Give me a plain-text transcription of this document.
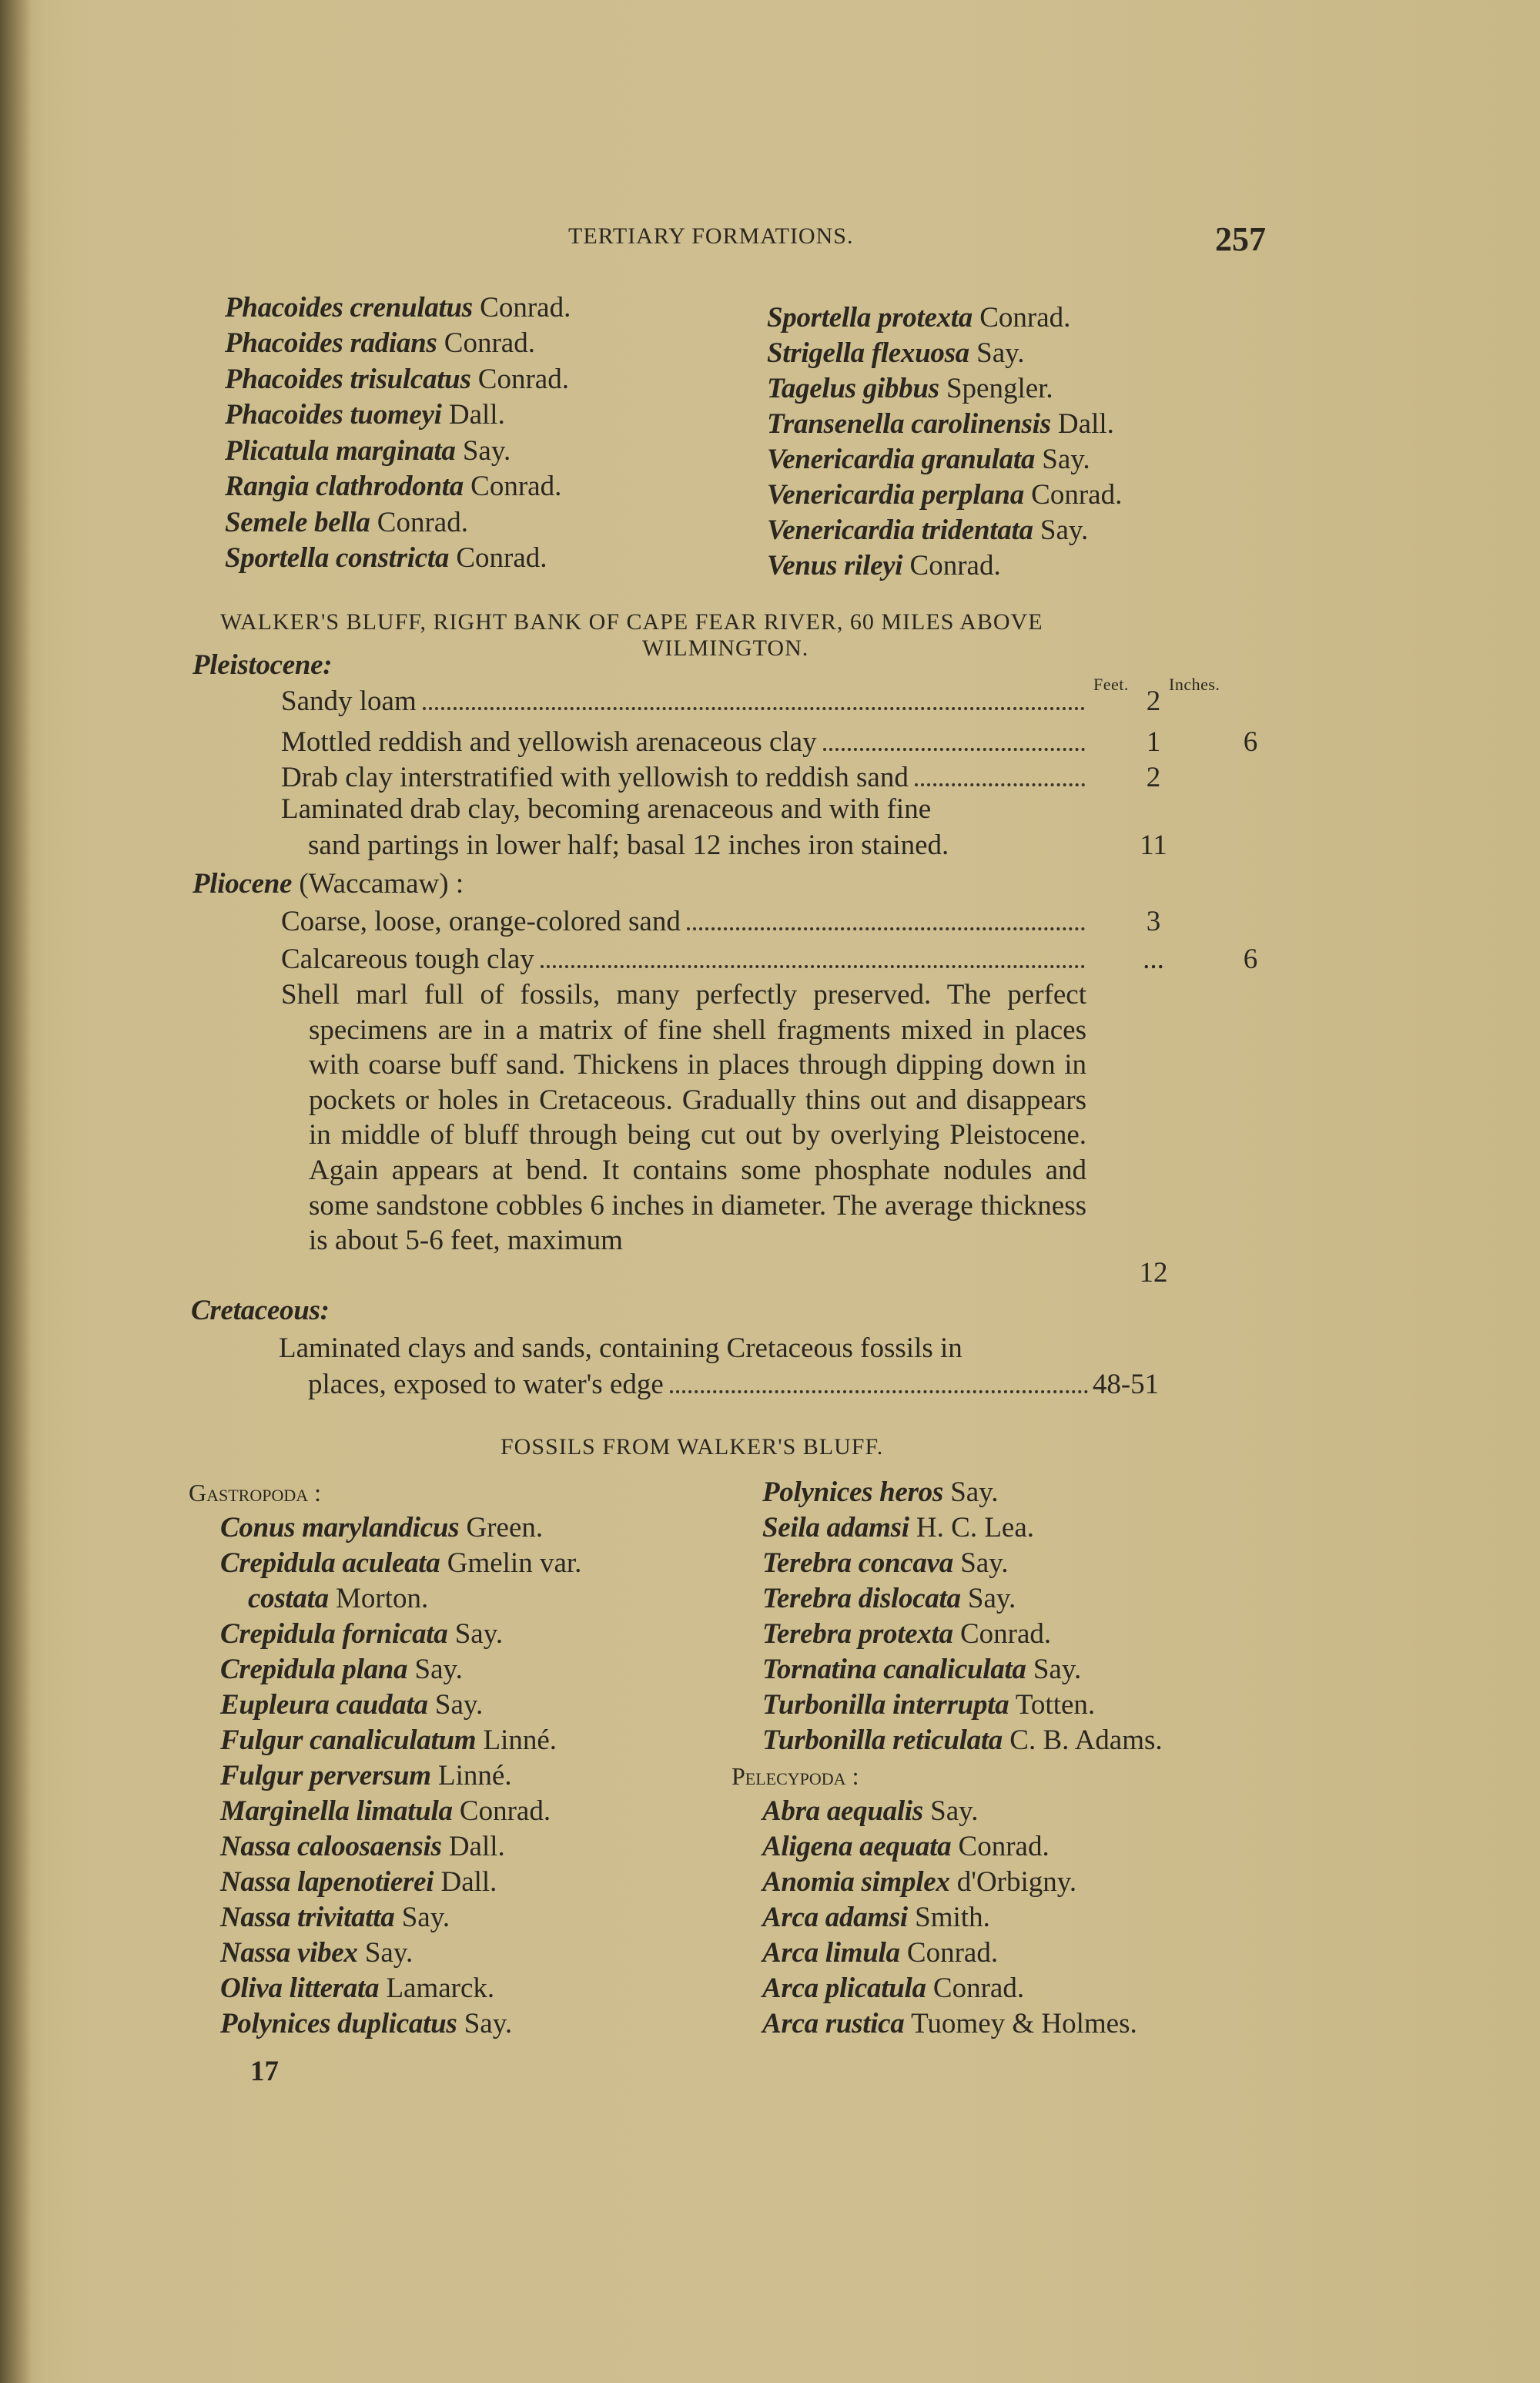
TERTIARY FORMATIONS.	257
Phacoides crenulatus Conrad.
Phacoides radians Conrad.
Phacoides trisulcatus Conrad.
Phacoides tuomeyi Dall.
Plicatula marginata Say.
Rangia clathrodonta Conrad.
Semele bella Conrad.
Sportella constricta Conrad.
Sportella protexta Conrad.
Strigella flexuosa Say.
Tagelus gibbus Spengler.
Transenella carolinensis Dall.
Venericardia granulata Say.
Venericardia perplana Conrad.
Venericardia tridentata Say.
Venus rileyi Conrad.
WALKER'S BLUFF, RIGHT BANK OF CAPE FEAR RIVER, 60 MILES ABOVE
WILMINGTON.
Pleistocene:
Feet. Inches.
Sandy loam	2
Mottled reddish and yellowish arenaceous clay	1	6
Drab clay interstratified with yellowish to reddish sand	2
Laminated drab clay, becoming arenaceous and with fine
sand partings in lower half; basal 12 inches iron stained.	11
Pliocene (Waccamaw) :
Coarse, loose, orange-colored sand	3
Calcareous tough clay	...	6
Shell marl full of fossils, many perfectly preserved. The perfect specimens are in a matrix of fine shell fragments mixed in places with coarse buff sand. Thickens in places through dipping down in pockets or holes in Cretaceous. Gradually thins out and disappears in middle of bluff through being cut out by overlying Pleistocene. Again appears at bend. It contains some phosphate nodules and some sandstone cobbles 6 inches in diameter. The average thickness is about 5-6 feet, maximum
12
Cretaceous:
Laminated clays and sands, containing Cretaceous fossils in
places, exposed to water's edge	48-51
FOSSILS FROM WALKER'S BLUFF.
Gastropoda :
Conus marylandicus Green.
Crepidula aculeata Gmelin var.
costata Morton.
Crepidula fornicata Say.
Crepidula plana Say.
Eupleura caudata Say.
Fulgur canaliculatum Linné.
Fulgur perversum Linné.
Marginella limatula Conrad.
Nassa caloosaensis Dall.
Nassa lapenotierei Dall.
Nassa trivitatta Say.
Nassa vibex Say.
Oliva litterata Lamarck.
Polynices duplicatus Say.
Polynices heros Say.
Seila adamsi H. C. Lea.
Terebra concava Say.
Terebra dislocata Say.
Terebra protexta Conrad.
Tornatina canaliculata Say.
Turbonilla interrupta Totten.
Turbonilla reticulata C. B. Adams.
Pelecypoda :
Abra aequalis Say.
Aligena aequata Conrad.
Anomia simplex d'Orbigny.
Arca adamsi Smith.
Arca limula Conrad.
Arca plicatula Conrad.
Arca rustica Tuomey & Holmes.
17
